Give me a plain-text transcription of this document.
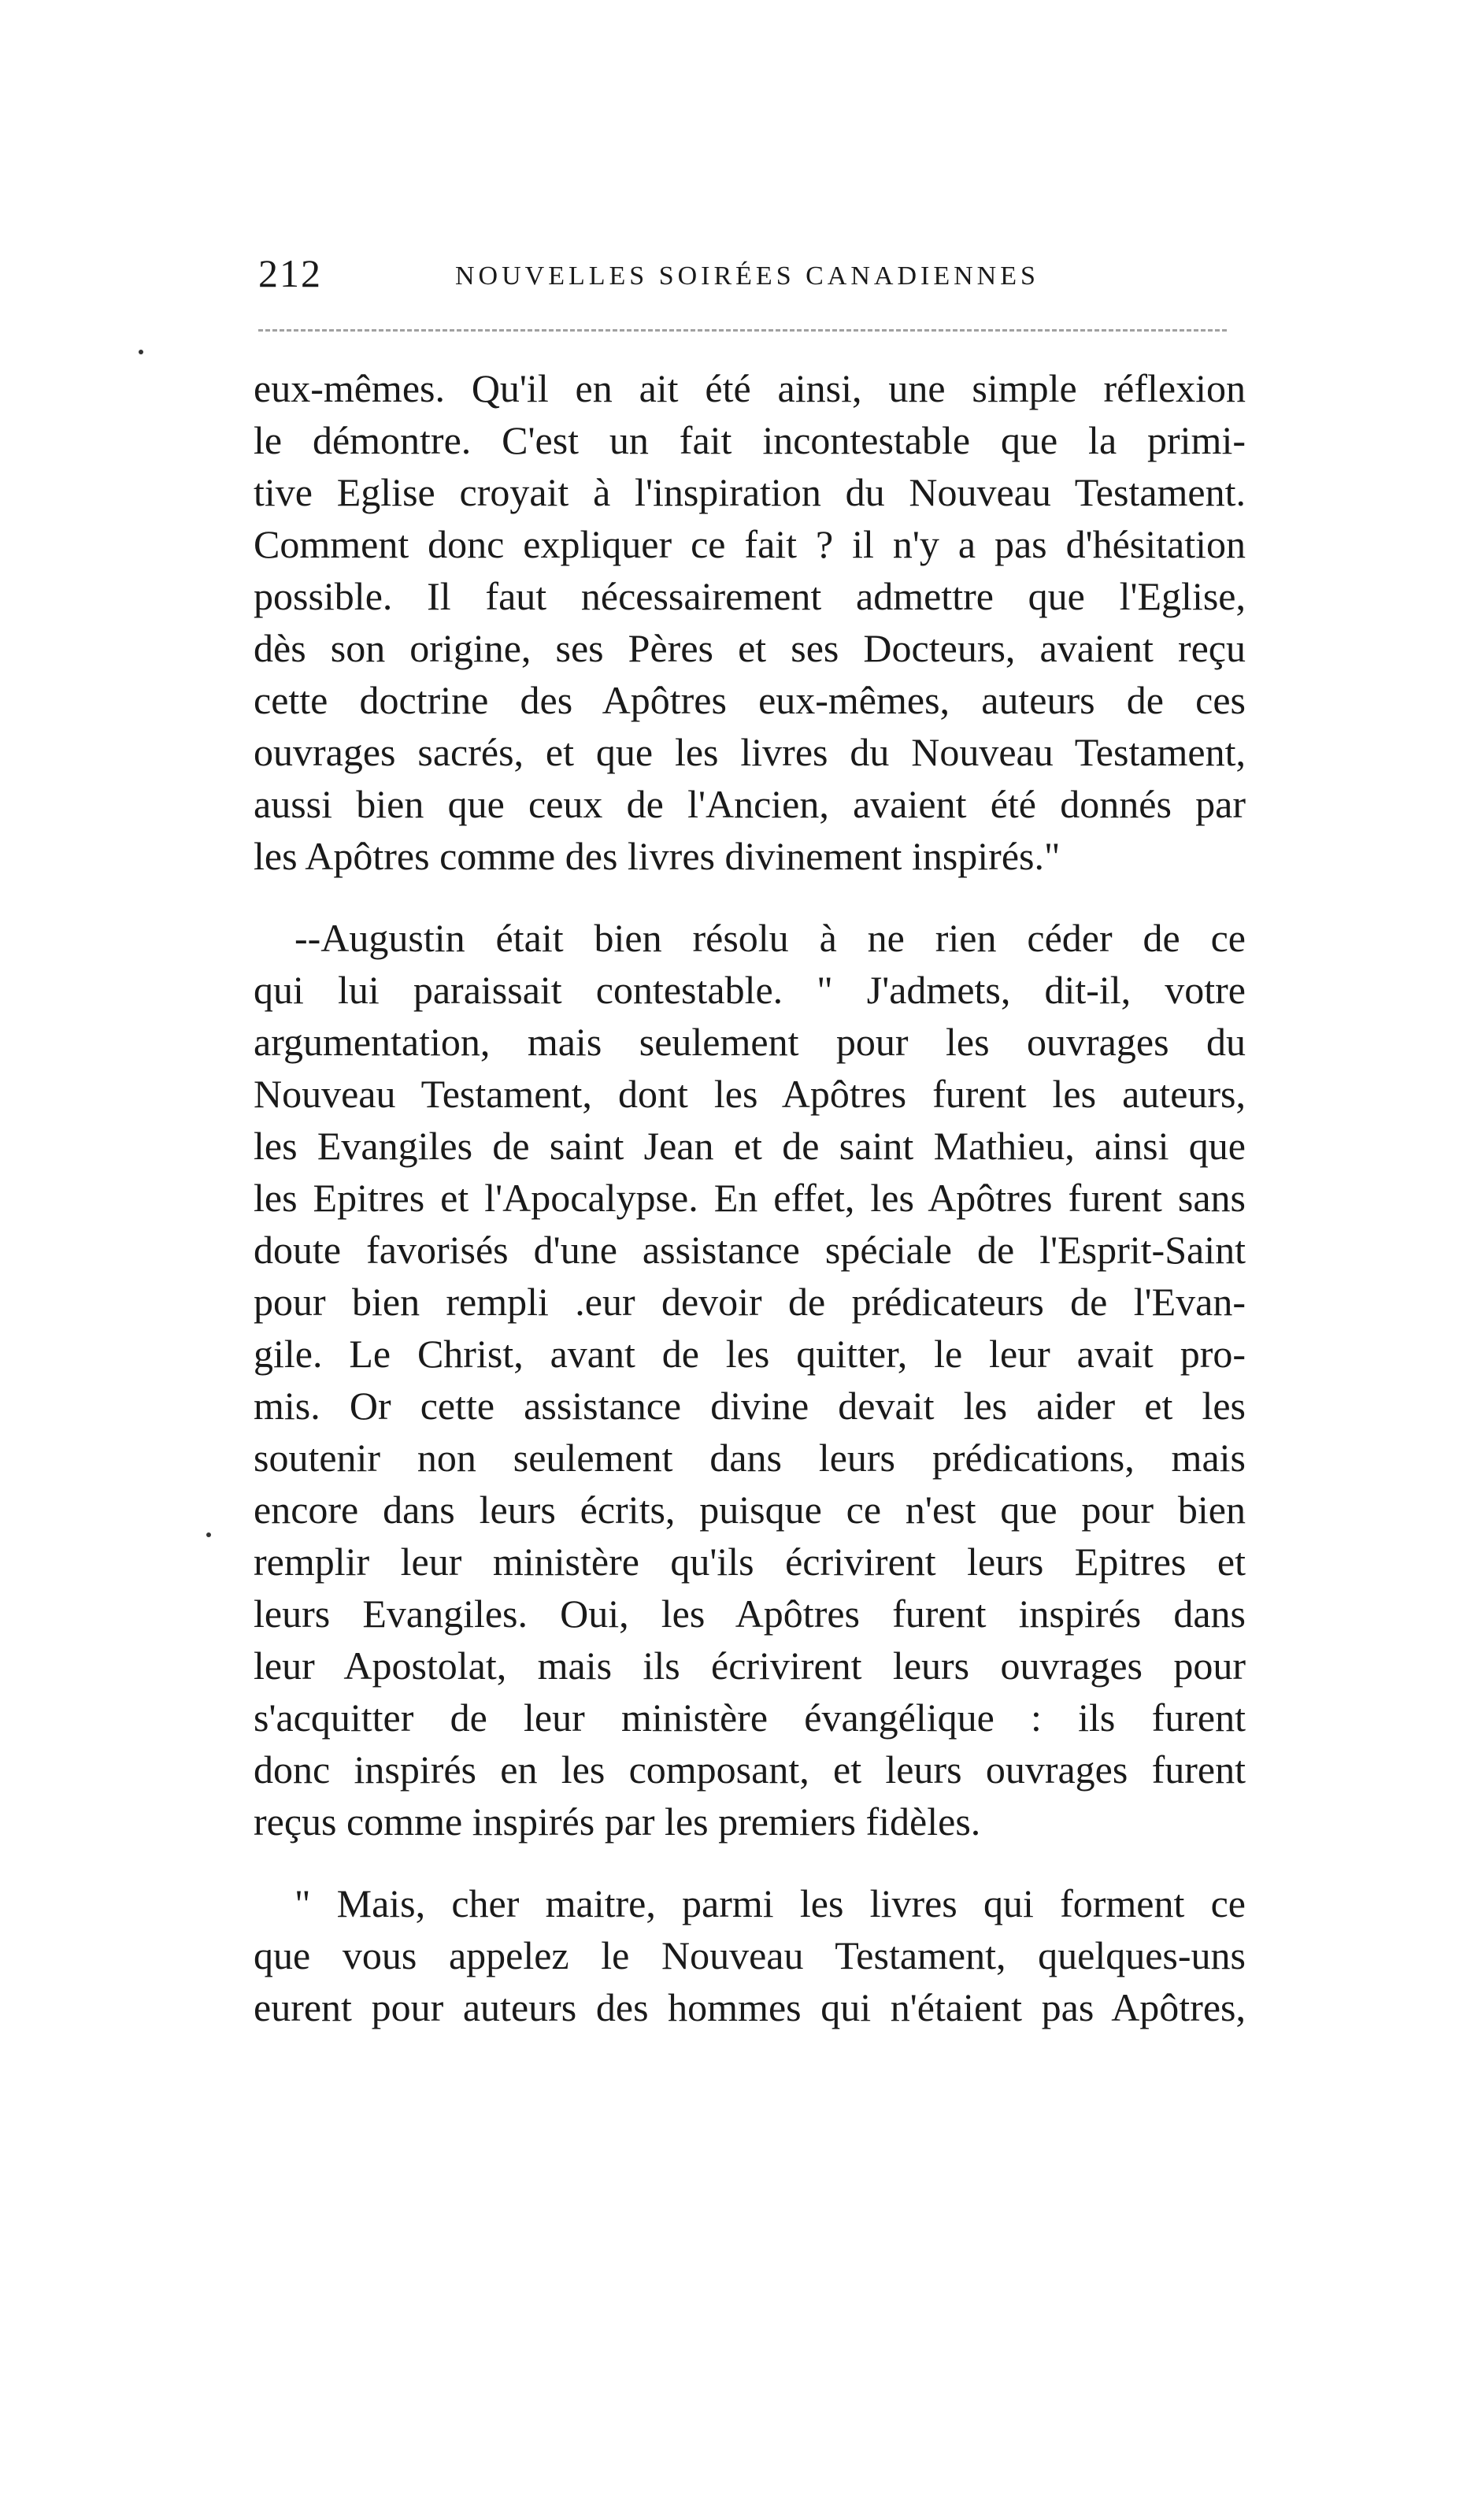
212	NOUVELLES SOIRÉES CANADIENNES
eux-mêmes. Qu'il en ait été ainsi, une simple réflexion
le démontre. C'est un fait incontestable que la primi-
tive Eglise croyait à l'inspiration du Nouveau Testament.
Comment donc expliquer ce fait ? il n'y a pas d'hésitation
possible. Il faut nécessairement admettre que l'Eglise,
dès son origine, ses Pères et ses Docteurs, avaient reçu
cette doctrine des Apôtres eux-mêmes, auteurs de ces
ouvrages sacrés, et que les livres du Nouveau Testament,
aussi bien que ceux de l'Ancien, avaient été donnés par
les Apôtres comme des livres divinement inspirés."
--Augustin était bien résolu à ne rien céder de ce
qui lui paraissait contestable. " J'admets, dit-il, votre
argumentation, mais seulement pour les ouvrages du
Nouveau Testament, dont les Apôtres furent les auteurs,
les Evangiles de saint Jean et de saint Mathieu, ainsi que
les Epitres et l'Apocalypse. En effet, les Apôtres furent sans
doute favorisés d'une assistance spéciale de l'Esprit-Saint
pour bien rempli .eur devoir de prédicateurs de l'Evan-
gile. Le Christ, avant de les quitter, le leur avait pro-
mis. Or cette assistance divine devait les aider et les
soutenir non seulement dans leurs prédications, mais
encore dans leurs écrits, puisque ce n'est que pour bien
remplir leur ministère qu'ils écrivirent leurs Epitres et
leurs Evangiles. Oui, les Apôtres furent inspirés dans
leur Apostolat, mais ils écrivirent leurs ouvrages pour
s'acquitter de leur ministère évangélique : ils furent
donc inspirés en les composant, et leurs ouvrages furent
reçus comme inspirés par les premiers fidèles.
" Mais, cher maitre, parmi les livres qui forment ce
que vous appelez le Nouveau Testament, quelques-uns
eurent pour auteurs des hommes qui n'étaient pas Apôtres,
